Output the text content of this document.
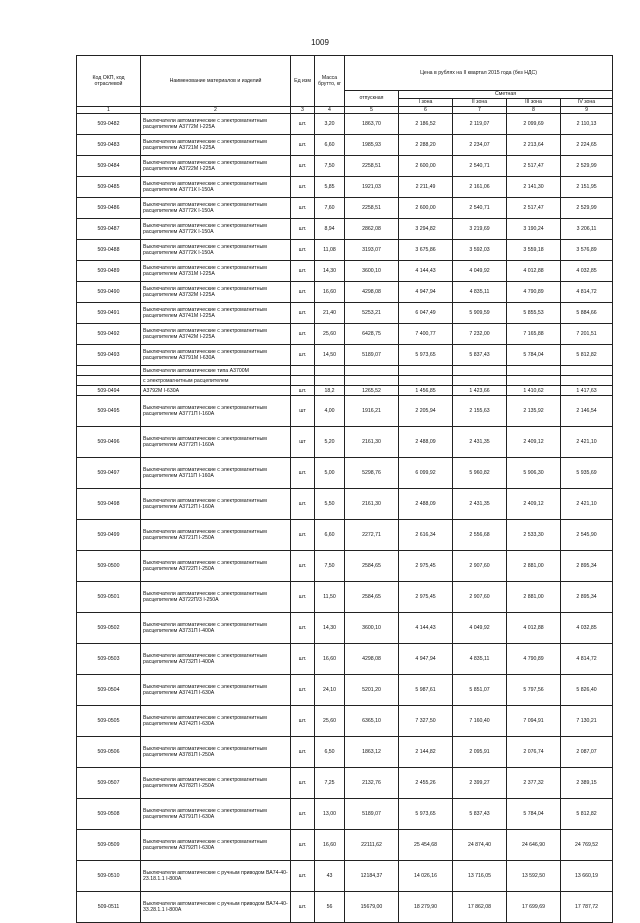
1009
Код ОКП, код отраслевой	Наименование материалов и изделий	Ед изм	Масса брутто, кг	Цена в рублях на II квартал 2015 года (без НДС)				
				отпускная	Сметная			
					I зона	II зона	III зона	IV зона
1	2	3	4	5	6	7	8	9
509-0482	Выключатели автоматические с электромагнитным расцепителем А3772М I-225А	шт.	3,20	1863,70	2 186,52	2 119,07	2 099,69	2 110,13
509-0483	Выключатели автоматические с электромагнитным расцепителем А3721М I-225А	шт.	6,60	1985,93	2 288,20	2 234,07	2 213,64	2 224,65
509-0484	Выключатели автоматические с электромагнитным расцепителем А3722М I-225А	шт.	7,50	2258,51	2 600,00	2 540,71	2 517,47	2 529,99
509-0485	Выключатели автоматические с электромагнитным расцепителем А3771К I-150А	шт.	5,85	1921,03	2 211,49	2 161,06	2 141,30	2 151,95
509-0486	Выключатели автоматические с электромагнитным расцепителем А3772К I-150А	шт.	7,60	2258,51	2 600,00	2 540,71	2 517,47	2 529,99
509-0487	Выключатели автоматические с электромагнитным расцепителем А3772К I-150А	шт.	8,94	2862,08	3 294,82	3 219,69	3 190,24	3 206,11
509-0488	Выключатели автоматические с электромагнитным расцепителем А3772К I-150А	шт.	11,08	3193,07	3 675,86	3 592,03	3 559,18	3 576,89
509-0489	Выключатели автоматические с электромагнитным расцепителем А3731М I-225А	шт.	14,30	3600,10	4 144,43	4 049,92	4 012,88	4 032,85
509-0490	Выключатели автоматические с электромагнитным расцепителем А3732М I-225А	шт.	16,60	4298,08	4 947,94	4 835,11	4 790,89	4 814,72
509-0491	Выключатели автоматические с электромагнитным расцепителем А3741М I-225А	шт.	21,40	5253,21	6 047,49	5 909,59	5 855,53	5 884,66
509-0492	Выключатели автоматические с электромагнитным расцепителем А3742М I-225А	шт.	25,60	6428,75	7 400,77	7 232,00	7 165,88	7 201,51
509-0493	Выключатели автоматические с электромагнитным расцепителем А3791М I-630А	шт.	14,50	5189,07	5 973,65	5 837,43	5 784,04	5 812,82
	Выключатели автоматические типа А3700М							
	с электромагнитным расцепителем							
509-0494	А3792М I-630А	шт.	18,2	1265,52	1 456,85	1 423,66	1 410,62	1 417,63
509-0495	Выключатели автоматические с электромагнитным расцепителем А3771П I-160А	шт	4,00	1916,21	2 205,94	2 155,63	2 135,92	2 146,54
509-0496	Выключатели автоматические с электромагнитным расцепителем А3772П I-160А	шт	5,20	2161,30	2 488,09	2 431,35	2 409,12	2 421,10
509-0497	Выключатели автоматические с электромагнитным расцепителем А3711П I-160А	шт.	5,00	5298,76	6 099,92	5 960,82	5 906,30	5 935,69
509-0498	Выключатели автоматические с электромагнитным расцепителем А3712П I-160А	шт.	5,50	2161,30	2 488,09	2 431,35	2 409,12	2 421,10
509-0499	Выключатели автоматические с электромагнитным расцепителем А3721П I-250А	шт.	6,60	2272,71	2 616,34	2 556,68	2 533,30	2 545,90
509-0500	Выключатели автоматические с электромагнитным расцепителем А3722П I-250А	шт.	7,50	2584,65	2 975,45	2 907,60	2 881,00	2 895,34
509-0501	Выключатели автоматические с электромагнитным расцепителем А3722П/3 I-250А	шт.	11,50	2584,65	2 975,45	2 907,60	2 881,00	2 895,34
509-0502	Выключатели автоматические с электромагнитным расцепителем А3731П I-400А	шт.	14,30	3600,10	4 144,43	4 049,92	4 012,88	4 032,85
509-0503	Выключатели автоматические с электромагнитным расцепителем А3732П I-400А	шт.	16,60	4298,08	4 947,94	4 835,11	4 790,89	4 814,72
509-0504	Выключатели автоматические с электромагнитным расцепителем А3741П I-630А	шт.	24,10	5201,20	5 987,61	5 851,07	5 797,56	5 826,40
509-0505	Выключатели автоматические с электромагнитным расцепителем А3742П I-630А	шт.	25,60	6365,10	7 327,50	7 160,40	7 094,91	7 130,21
509-0506	Выключатели автоматические с электромагнитным расцепителем А3781П I-250А	шт.	6,50	1863,12	2 144,82	2 095,91	2 076,74	2 087,07
509-0507	Выключатели автоматические с электромагнитным расцепителем А3782П I-250А	шт.	7,25	2132,76	2 455,26	2 399,27	2 377,32	2 389,15
509-0508	Выключатели автоматические с электромагнитным расцепителем А3791П I-630А	шт.	13,00	5189,07	5 973,65	5 837,43	5 784,04	5 812,82
509-0509	Выключатели автоматические с электромагнитным расцепителем А3792П I-630А	шт.	16,60	22111,62	25 454,68	24 874,40	24 646,90	24 769,52
509-0510	Выключатели автоматические с ручным приводом ВА74-40-23.18.1.1 I-800А	шт.	43	12184,37	14 026,16	13 716,05	13 592,50	13 660,19
509-0511	Выключатели автоматические с ручным приводом ВА74-40-33.28.1.1 I-800А	шт.	56	15679,00	18 279,90	17 862,08	17 699,69	17 787,72
